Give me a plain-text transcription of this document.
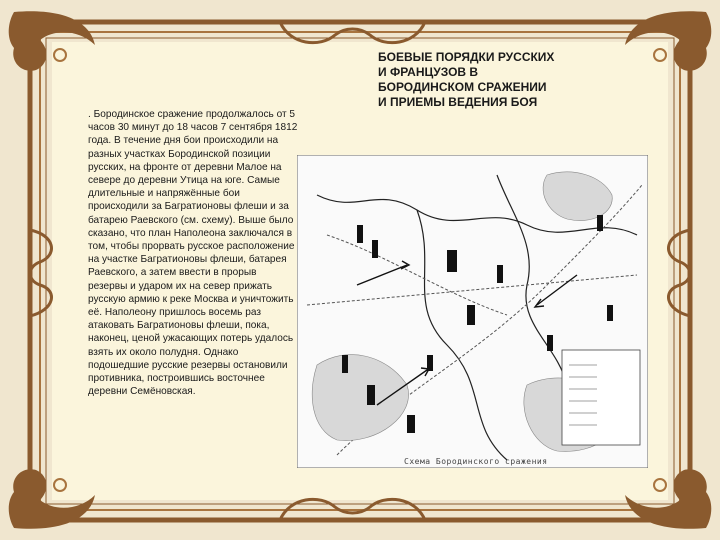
БОЕВЫЕ ПОРЯДКИ РУССКИХ
И ФРАНЦУЗОВ В
БОРОДИНСКОМ СРАЖЕНИИ
И ПРИЕМЫ ВЕДЕНИЯ БОЯ

. Бородинское сражение продолжалось от 5 часов 30 минут до 18 часов 7 сентября 1812 года. В течение дня бои происходили на разных участках Бородинской позиции русских, на фронте от деревни Малое на севере до деревни Утица на юге. Самые длительные и напряжённые бои происходили за Багратионовы флеши и за батарею Раевского (см. схему). Выше было сказано, что план Наполеона заключался в том, чтобы прорвать русское расположение на участке Багратионовы флеши, батарея Раевского, а затем ввести в прорыв резервы и ударом их на север прижать русскую армию к реке Москва и уничтожить её. Наполеону пришлось восемь раз атаковать Багратионовы флеши, пока, наконец, ценой ужасающих потерь удалось взять их около полудня. Однако подошедшие русские резервы остановили противника, построившись восточнее деревни Семёновская.

Схема Бородинского сражения
